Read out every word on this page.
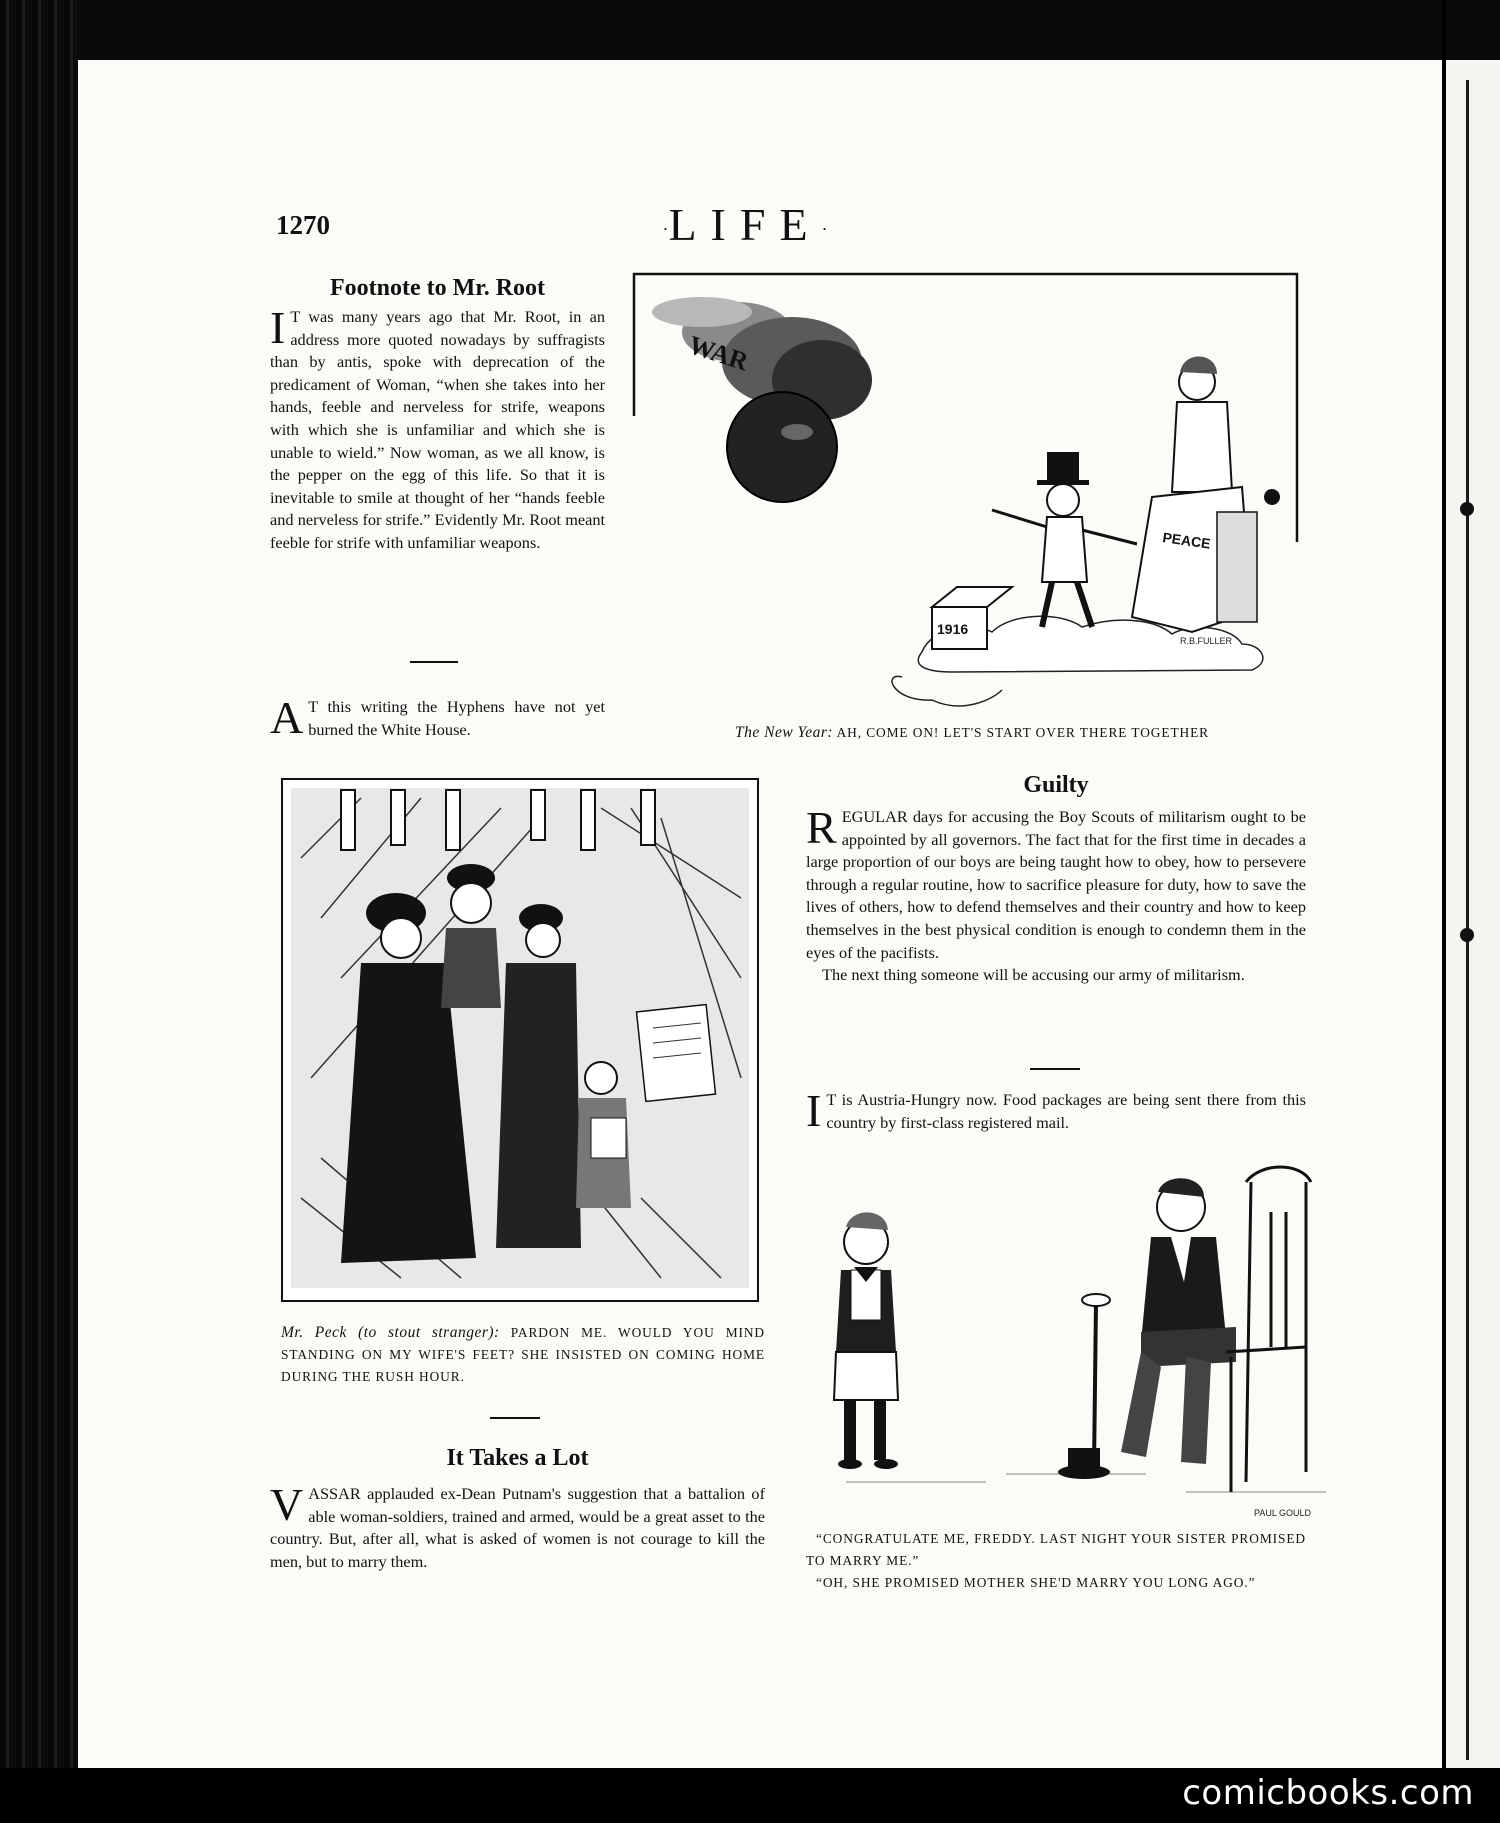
comicbooks.com
1270	·LIFE·
Footnote to Mr. Root
I T was many years ago that Mr. Root, in an address more quoted nowadays by suffragists than by antis, spoke with deprecation of the predicament of Woman, “when she takes into her hands, feeble and nerveless for strife, weapons with which she is unfamiliar and which she is unable to wield.” Now woman, as we all know, is the pepper on the egg of this life. So that it is inevitable to smile at thought of her “hands feeble and nerveless for strife.” Evidently Mr. Root meant feeble for strife with unfamiliar weapons.
A T this writing the Hyphens have not yet burned the White House.
WAR
1916
PEACE
R.B.FULLER
The New Year: AH, COME ON! LET'S START OVER THERE TOGETHER
Mr. Peck (to stout stranger): PARDON ME. WOULD YOU MIND STANDING ON MY WIFE'S FEET? SHE INSISTED ON COMING HOME DURING THE RUSH HOUR.
It Takes a Lot
VASSAR applauded ex-Dean Putnam's suggestion that a battalion of able woman-soldiers, trained and armed, would be a great asset to the country. But, after all, what is asked of women is not courage to kill the men, but to marry them.
Guilty

REGULAR days for accusing the Boy Scouts of militarism ought to be appointed by all governors. The fact that for the first time in decades a large proportion of our boys are being taught how to obey, how to persevere through a regular routine, how to sacrifice pleasure for duty, how to save the lives of others, how to defend themselves and their country and how to keep themselves in the best physical condition is enough to condemn them in the eyes of the pacifists.

The next thing someone will be accusing our army of militarism.

I T is Austria-Hungry now. Food packages are being sent there from this country by first-class registered mail.
PAUL GOULD
“CONGRATULATE ME, FREDDY. LAST NIGHT YOUR SISTER PROMISED TO MARRY ME.”
“OH, SHE PROMISED MOTHER SHE'D MARRY YOU LONG AGO.”
